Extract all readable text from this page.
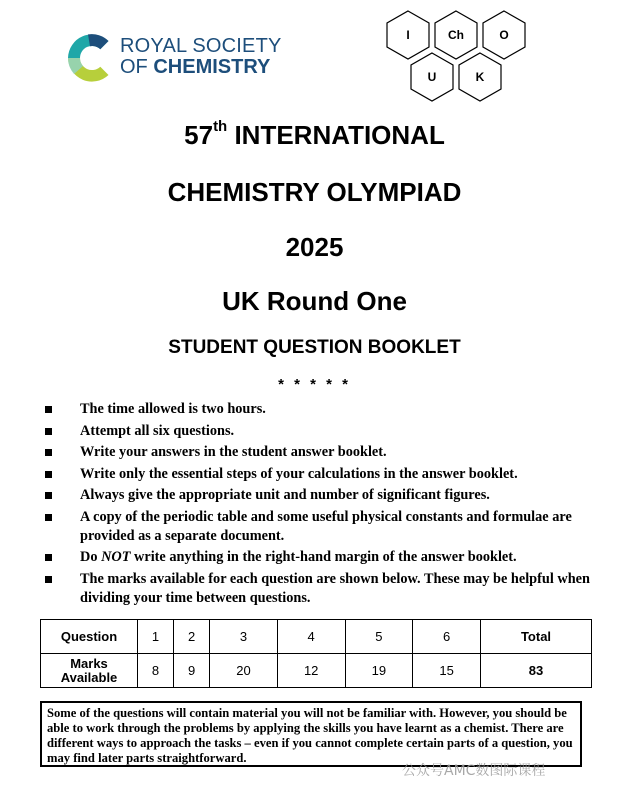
ROYAL SOCIETY
OF CHEMISTRY
I	Ch	O
U	K
57th INTERNATIONAL
CHEMISTRY OLYMPIAD
2025
UK Round One
STUDENT QUESTION BOOKLET
* * * * *
The time allowed is two hours.
Attempt all six questions.
Write your answers in the student answer booklet.
Write only the essential steps of your calculations in the answer booklet.
Always give the appropriate unit and number of significant figures.
A copy of the periodic table and some useful physical constants and formulae are provided as a separate document.
Do NOT write anything in the right-hand margin of the answer booklet.
The marks available for each question are shown below. These may be helpful when dividing your time between questions.
Question	1	2	3	4	5	6	Total
Marks Available	8	9	20	12	19	15	83
Some of the questions will contain material you will not be familiar with. However, you should be able to work through the problems by applying the skills you have learnt as a chemist. There are different ways to approach the tasks – even if you cannot complete certain parts of a question, you may find later parts straightforward.
公众号AMC数图际课程
